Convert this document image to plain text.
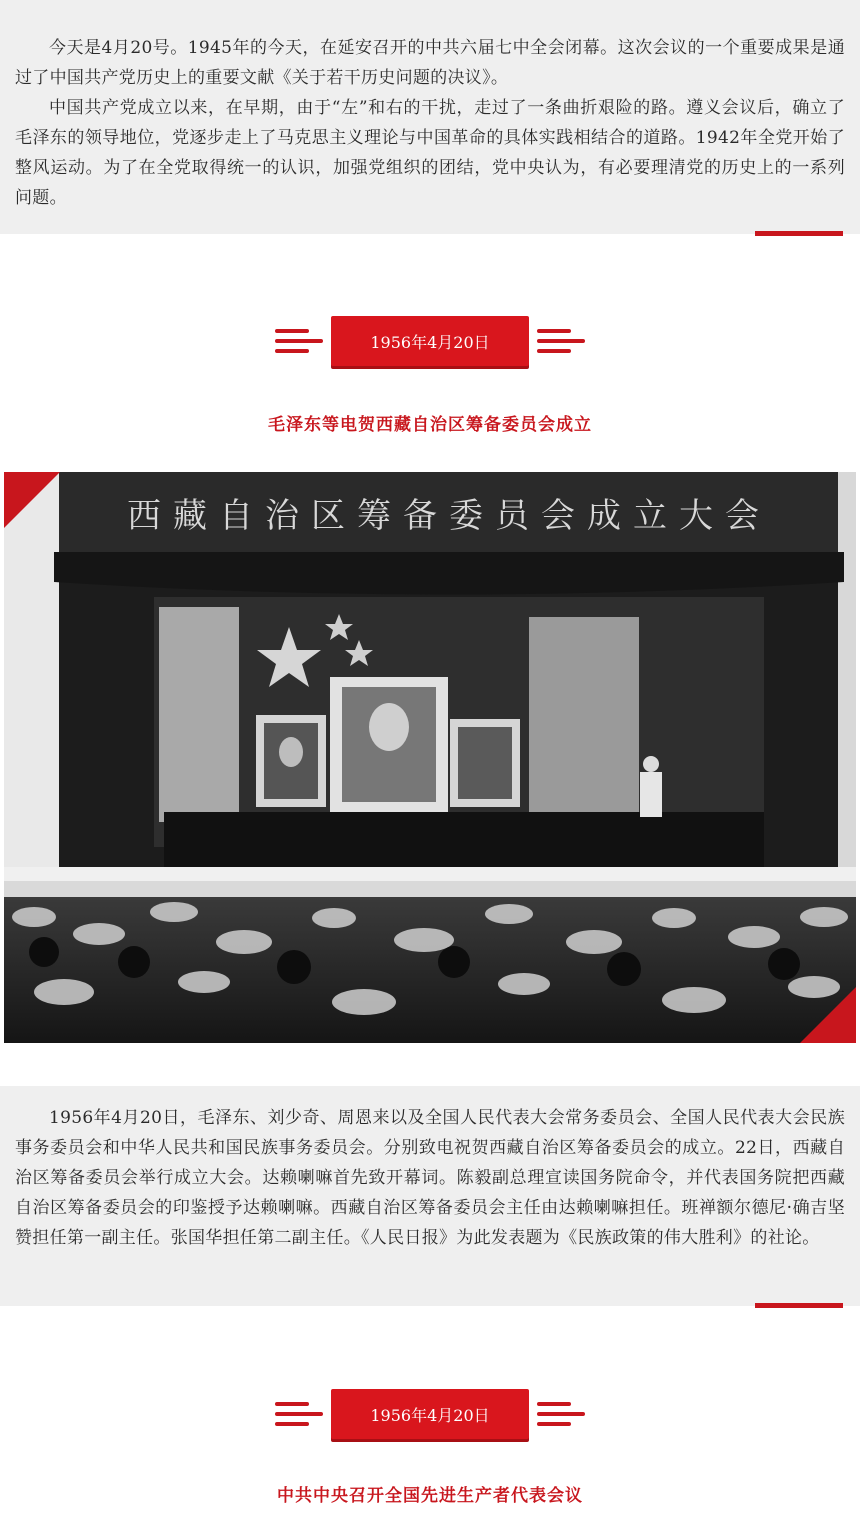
今天是4月20号。1945年的今天，在延安召开的中共六届七中全会闭幕。这次会议的一个重要成果是通过了中国共产党历史上的重要文献《关于若干历史问题的决议》。

中国共产党成立以来，在早期，由于“左”和右的干扰，走过了一条曲折艰险的路。遵义会议后，确立了毛泽东的领导地位，党逐步走上了马克思主义理论与中国革命的具体实践相结合的道路。1942年全党开始了整风运动。为了在全党取得统一的认识，加强党组织的团结，党中央认为，有必要理清党的历史上的一系列问题。

1956年4月20日
毛泽东等电贺西藏自治区筹备委员会成立
西藏自治区筹备委员会成立大会

1956年4月20日，毛泽东、刘少奇、周恩来以及全国人民代表大会常务委员会、全国人民代表大会民族事务委员会和中华人民共和国民族事务委员会。分别致电祝贺西藏自治区筹备委员会的成立。22日，西藏自治区筹备委员会举行成立大会。达赖喇嘛首先致开幕词。陈毅副总理宣读国务院命令，并代表国务院把西藏自治区筹备委员会的印鉴授予达赖喇嘛。西藏自治区筹备委员会主任由达赖喇嘛担任。班禅额尔德尼·确吉坚赞担任第一副主任。张国华担任第二副主任。《人民日报》为此发表题为《民族政策的伟大胜利》的社论。

1956年4月20日
中共中央召开全国先进生产者代表会议
